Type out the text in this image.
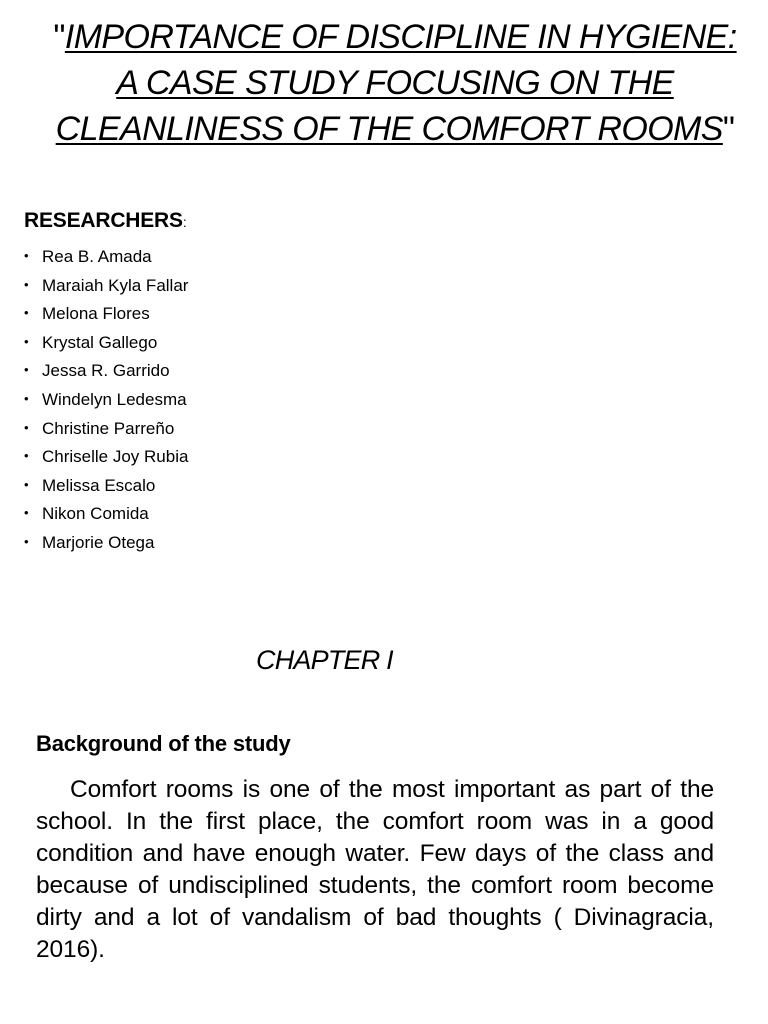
"IMPORTANCE OF DISCIPLINE IN HYGIENE: A CASE STUDY FOCUSING ON THE CLEANLINESS OF THE COMFORT ROOMS"
RESEARCHERS:
• Rea B. Amada
• Maraiah Kyla Fallar
• Melona Flores
• Krystal Gallego
• Jessa R. Garrido
• Windelyn Ledesma
• Christine Parreño
• Chriselle Joy Rubia
• Melissa Escalo
• Nikon Comida
• Marjorie Otega
CHAPTER I
Background of the study

Comfort rooms is one of the most important as part of the school. In the first place, the comfort room was in a good condition and have enough water. Few days of the class and because of undisciplined students, the comfort room become dirty and a lot of vandalism of bad thoughts ( Divinagracia, 2016).
